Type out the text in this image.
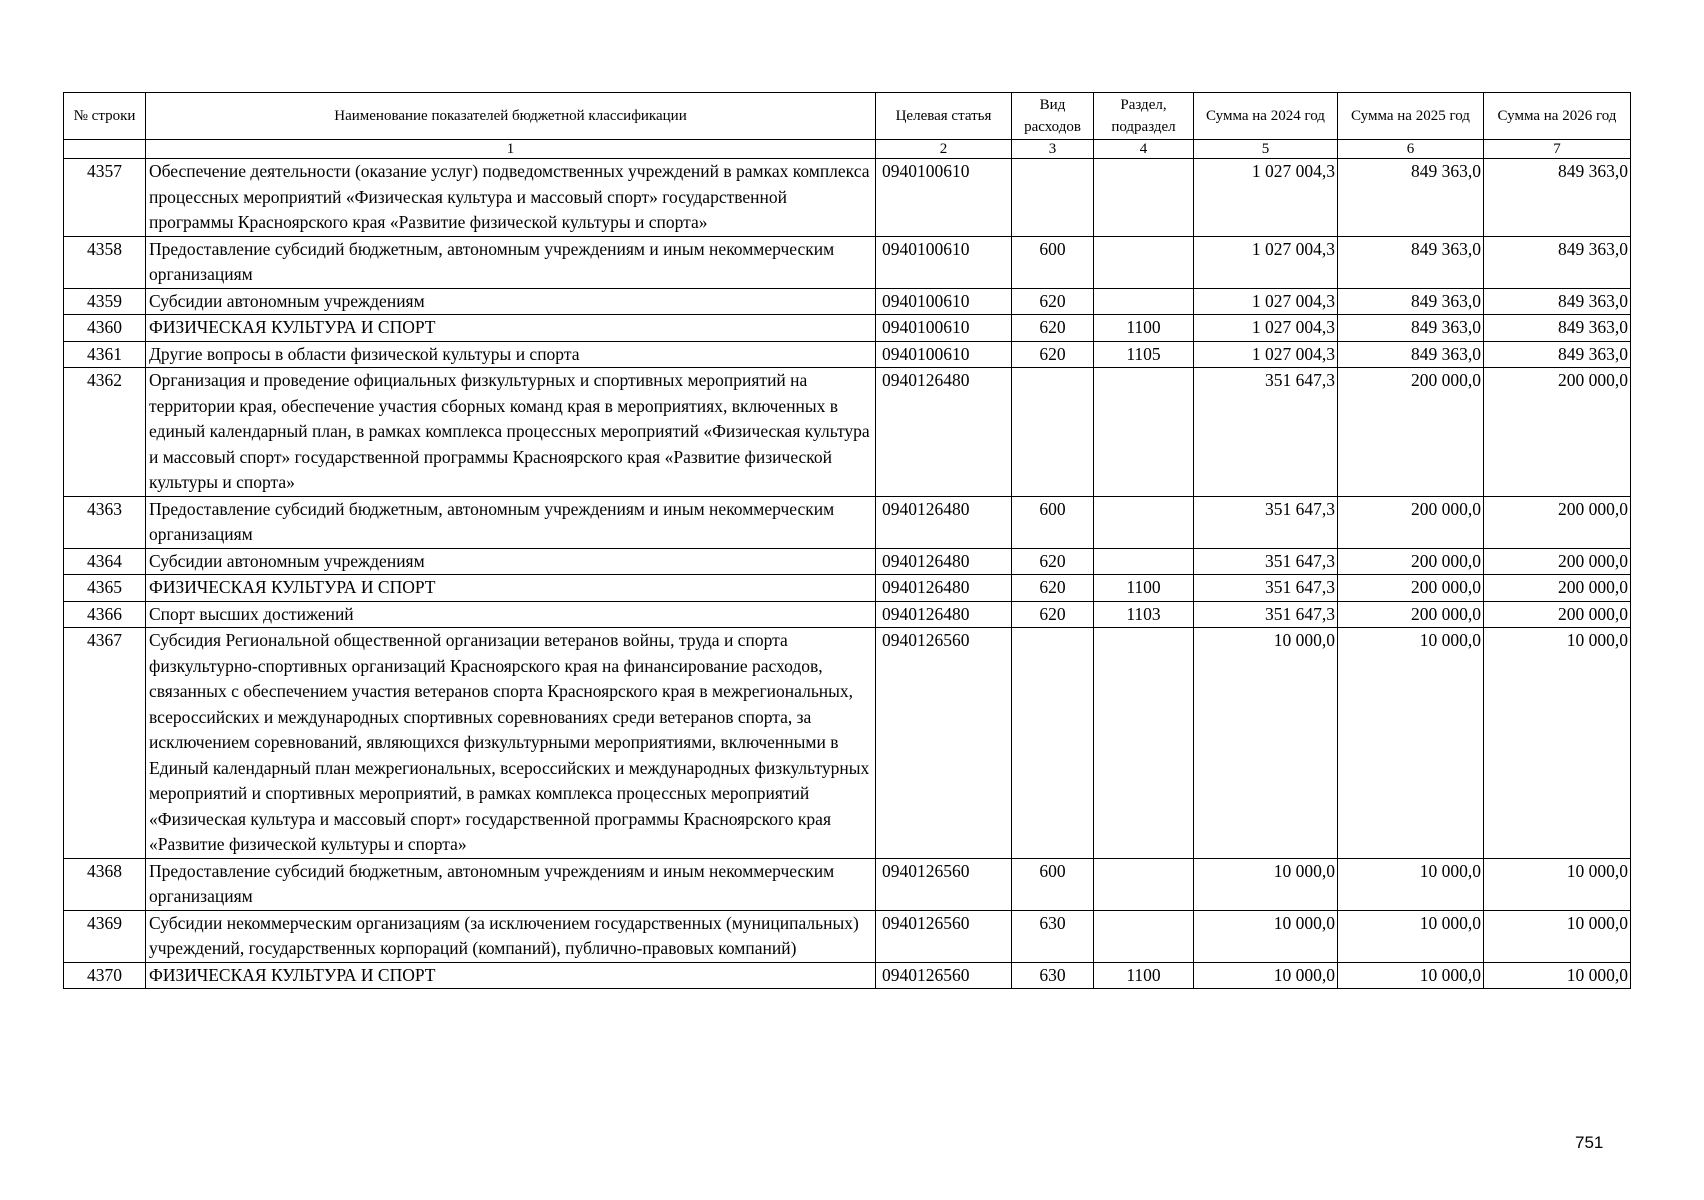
№ строки	Наименование показателей бюджетной классификации	Целевая статья	Вид расходов	Раздел, подраздел	Сумма на 2024 год	Сумма на 2025 год	Сумма на 2026 год
	1	2	3	4	5	6	7
4357	Обеспечение деятельности (оказание услуг) подведомственных учреждений в рамках комплекса процессных мероприятий «Физическая культура и массовый спорт» государственной программы Красноярского края «Развитие физической культуры и спорта»	0940100610			1 027 004,3	849 363,0	849 363,0
4358	Предоставление субсидий бюджетным, автономным учреждениям и иным некоммерческим организациям	0940100610	600		1 027 004,3	849 363,0	849 363,0
4359	Субсидии автономным учреждениям	0940100610	620		1 027 004,3	849 363,0	849 363,0
4360	ФИЗИЧЕСКАЯ КУЛЬТУРА И СПОРТ	0940100610	620	1100	1 027 004,3	849 363,0	849 363,0
4361	Другие вопросы в области физической культуры и спорта	0940100610	620	1105	1 027 004,3	849 363,0	849 363,0
4362	Организация и проведение официальных физкультурных и спортивных мероприятий на территории края, обеспечение участия сборных команд края в мероприятиях, включенных в единый календарный план, в рамках комплекса процессных мероприятий «Физическая культура и массовый спорт» государственной программы Красноярского края «Развитие физической культуры и спорта»	0940126480			351 647,3	200 000,0	200 000,0
4363	Предоставление субсидий бюджетным, автономным учреждениям и иным некоммерческим организациям	0940126480	600		351 647,3	200 000,0	200 000,0
4364	Субсидии автономным учреждениям	0940126480	620		351 647,3	200 000,0	200 000,0
4365	ФИЗИЧЕСКАЯ КУЛЬТУРА И СПОРТ	0940126480	620	1100	351 647,3	200 000,0	200 000,0
4366	Спорт высших достижений	0940126480	620	1103	351 647,3	200 000,0	200 000,0
4367	Субсидия Региональной общественной организации ветеранов войны, труда и спорта физкультурно-спортивных организаций Красноярского края на финансирование расходов, связанных с обеспечением участия ветеранов спорта Красноярского края в межрегиональных, всероссийских и международных спортивных соревнованиях среди ветеранов спорта, за исключением соревнований, являющихся физкультурными мероприятиями, включенными в Единый календарный план межрегиональных, всероссийских и международных физкультурных мероприятий и спортивных мероприятий, в рамках комплекса процессных мероприятий «Физическая культура и массовый спорт» государственной программы Красноярского края «Развитие физической культуры и спорта»	0940126560			10 000,0	10 000,0	10 000,0
4368	Предоставление субсидий бюджетным, автономным учреждениям и иным некоммерческим организациям	0940126560	600		10 000,0	10 000,0	10 000,0
4369	Субсидии некоммерческим организациям (за исключением государственных (муниципальных) учреждений, государственных корпораций (компаний), публично-правовых компаний)	0940126560	630		10 000,0	10 000,0	10 000,0
4370	ФИЗИЧЕСКАЯ КУЛЬТУРА И СПОРТ	0940126560	630	1100	10 000,0	10 000,0	10 000,0
751
